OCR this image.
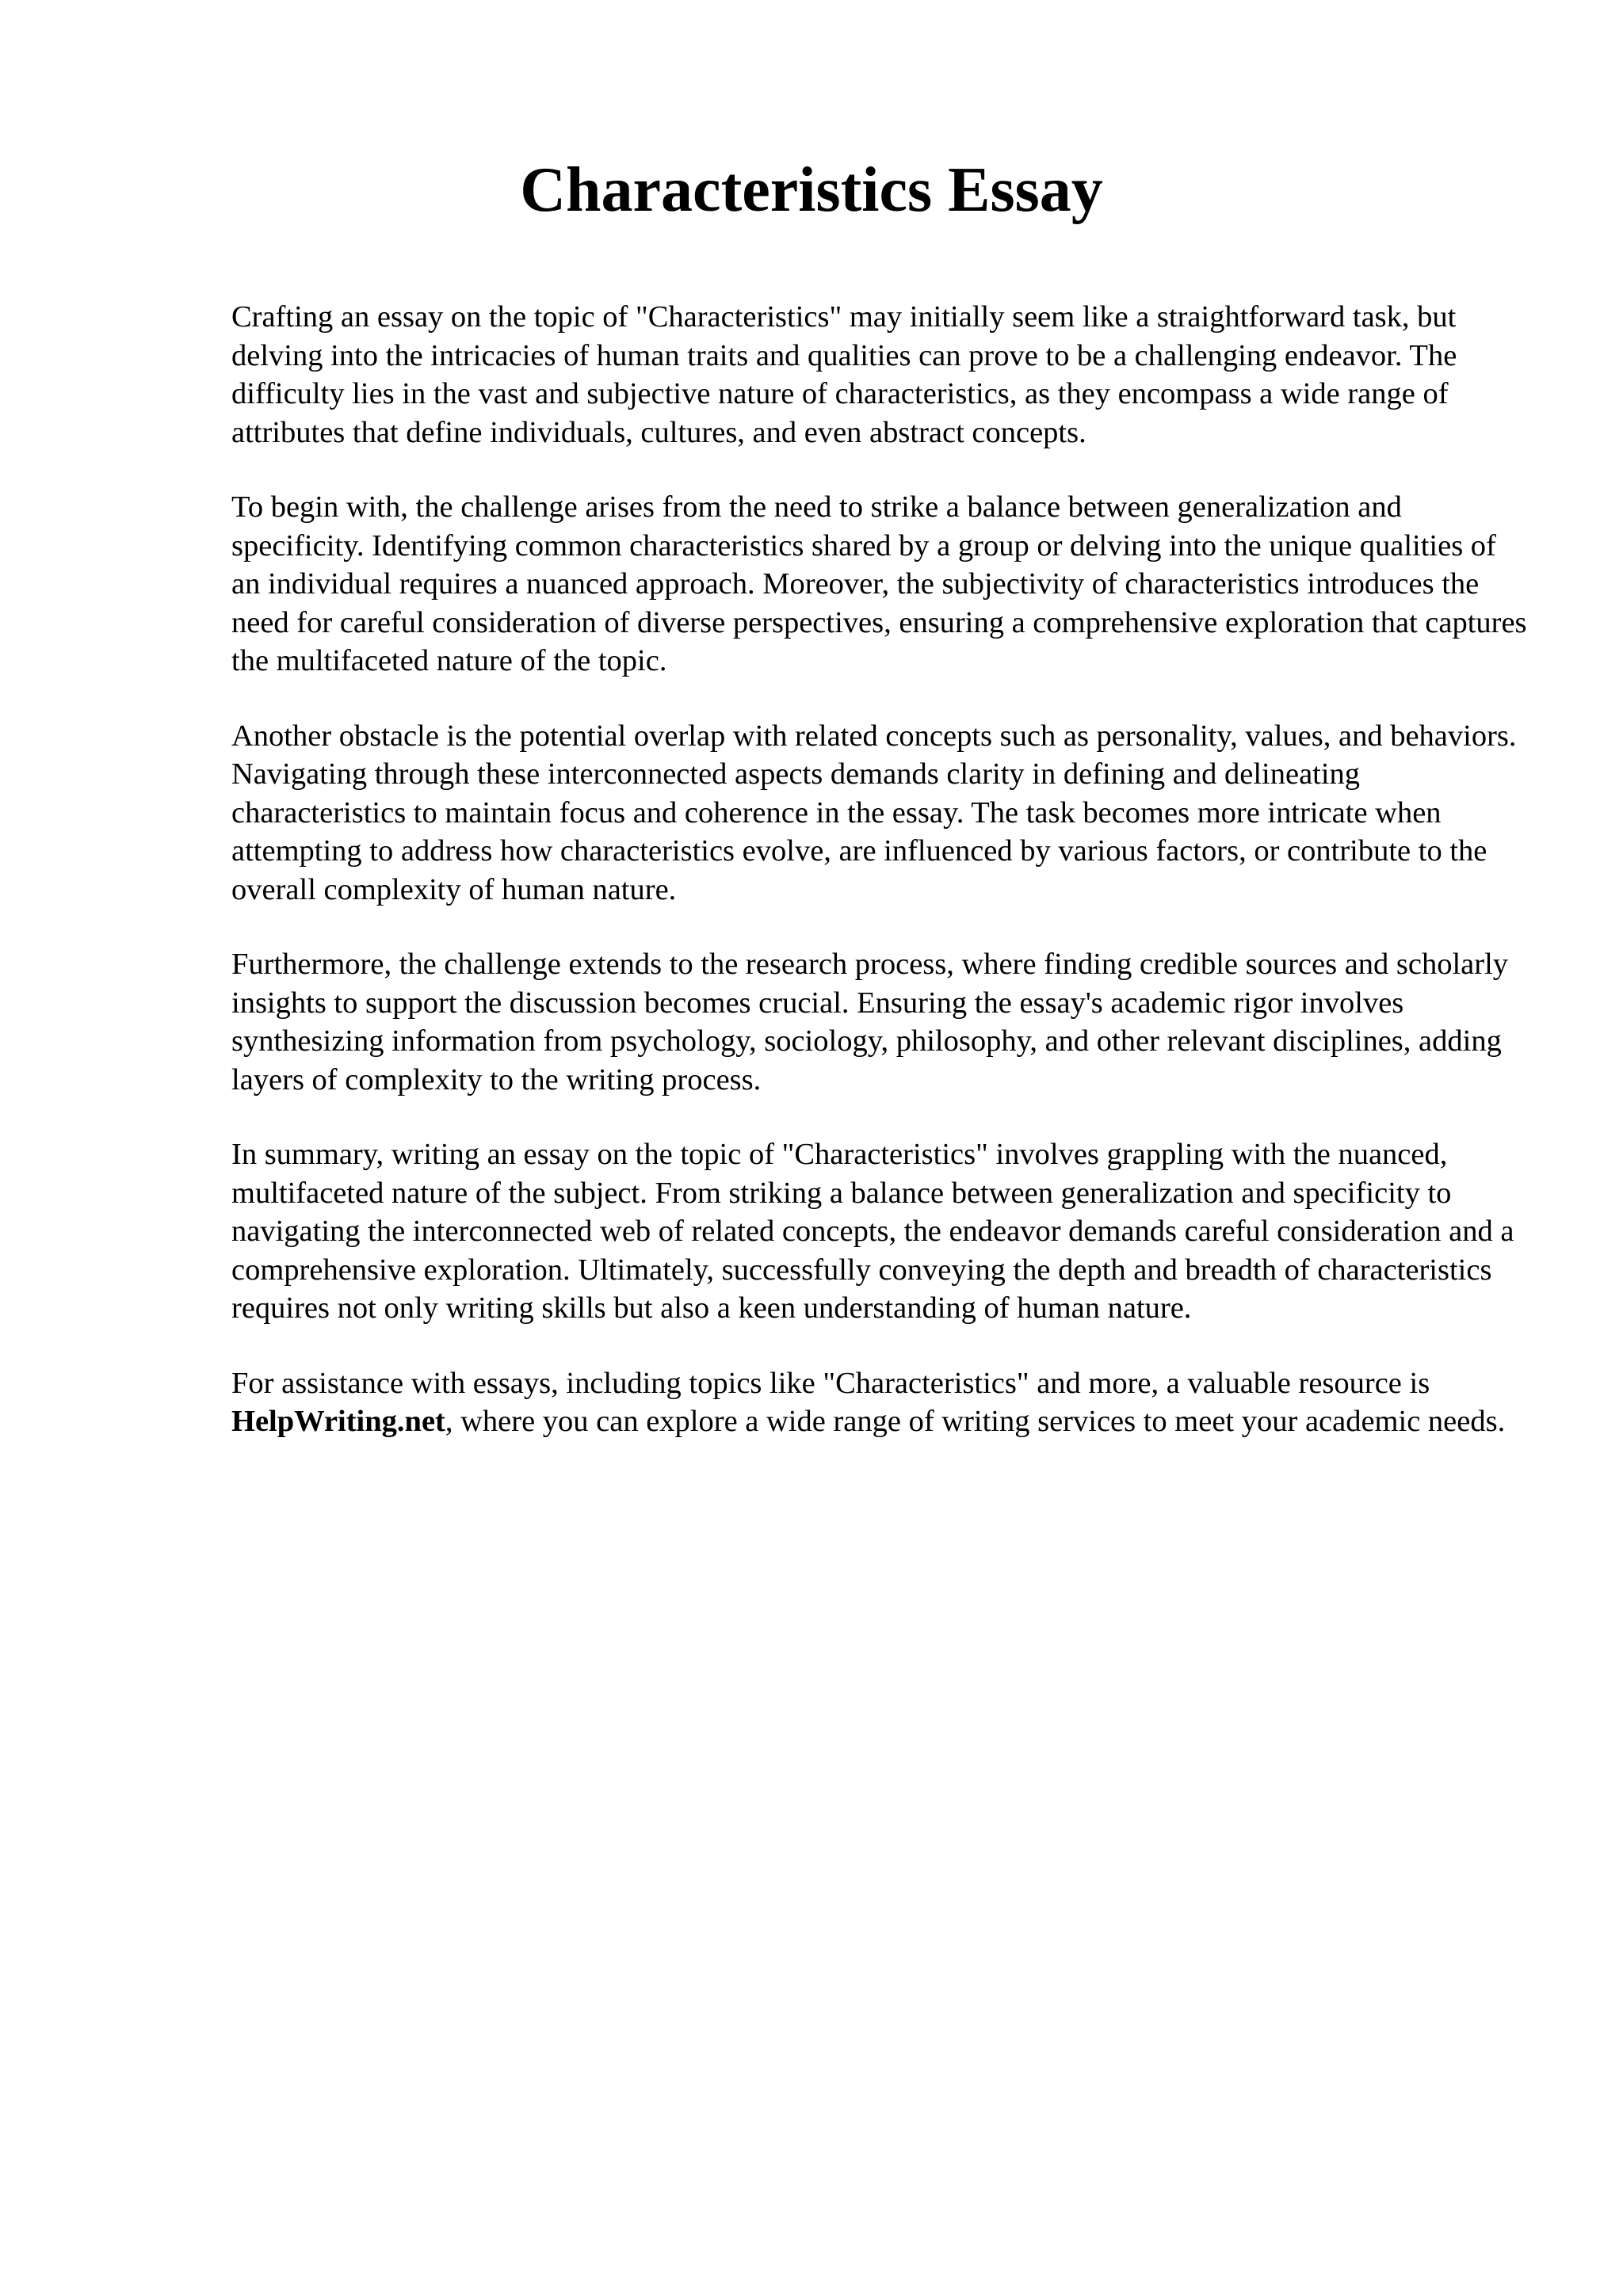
Characteristics Essay

Crafting an essay on the topic of "Characteristics" may initially seem like a straightforward task, but delving into the intricacies of human traits and qualities can prove to be a challenging endeavor. The difficulty lies in the vast and subjective nature of characteristics, as they encompass a wide range of attributes that define individuals, cultures, and even abstract concepts.

To begin with, the challenge arises from the need to strike a balance between generalization and specificity. Identifying common characteristics shared by a group or delving into the unique qualities of an individual requires a nuanced approach. Moreover, the subjectivity of characteristics introduces the need for careful consideration of diverse perspectives, ensuring a comprehensive exploration that captures the multifaceted nature of the topic.

Another obstacle is the potential overlap with related concepts such as personality, values, and behaviors. Navigating through these interconnected aspects demands clarity in defining and delineating characteristics to maintain focus and coherence in the essay. The task becomes more intricate when attempting to address how characteristics evolve, are influenced by various factors, or contribute to the overall complexity of human nature.

Furthermore, the challenge extends to the research process, where finding credible sources and scholarly insights to support the discussion becomes crucial. Ensuring the essay's academic rigor involves synthesizing information from psychology, sociology, philosophy, and other relevant disciplines, adding layers of complexity to the writing process.

In summary, writing an essay on the topic of "Characteristics" involves grappling with the nuanced, multifaceted nature of the subject. From striking a balance between generalization and specificity to navigating the interconnected web of related concepts, the endeavor demands careful consideration and a comprehensive exploration. Ultimately, successfully conveying the depth and breadth of characteristics requires not only writing skills but also a keen understanding of human nature.

For assistance with essays, including topics like "Characteristics" and more, a valuable resource is HelpWriting.net, where you can explore a wide range of writing services to meet your academic needs.
